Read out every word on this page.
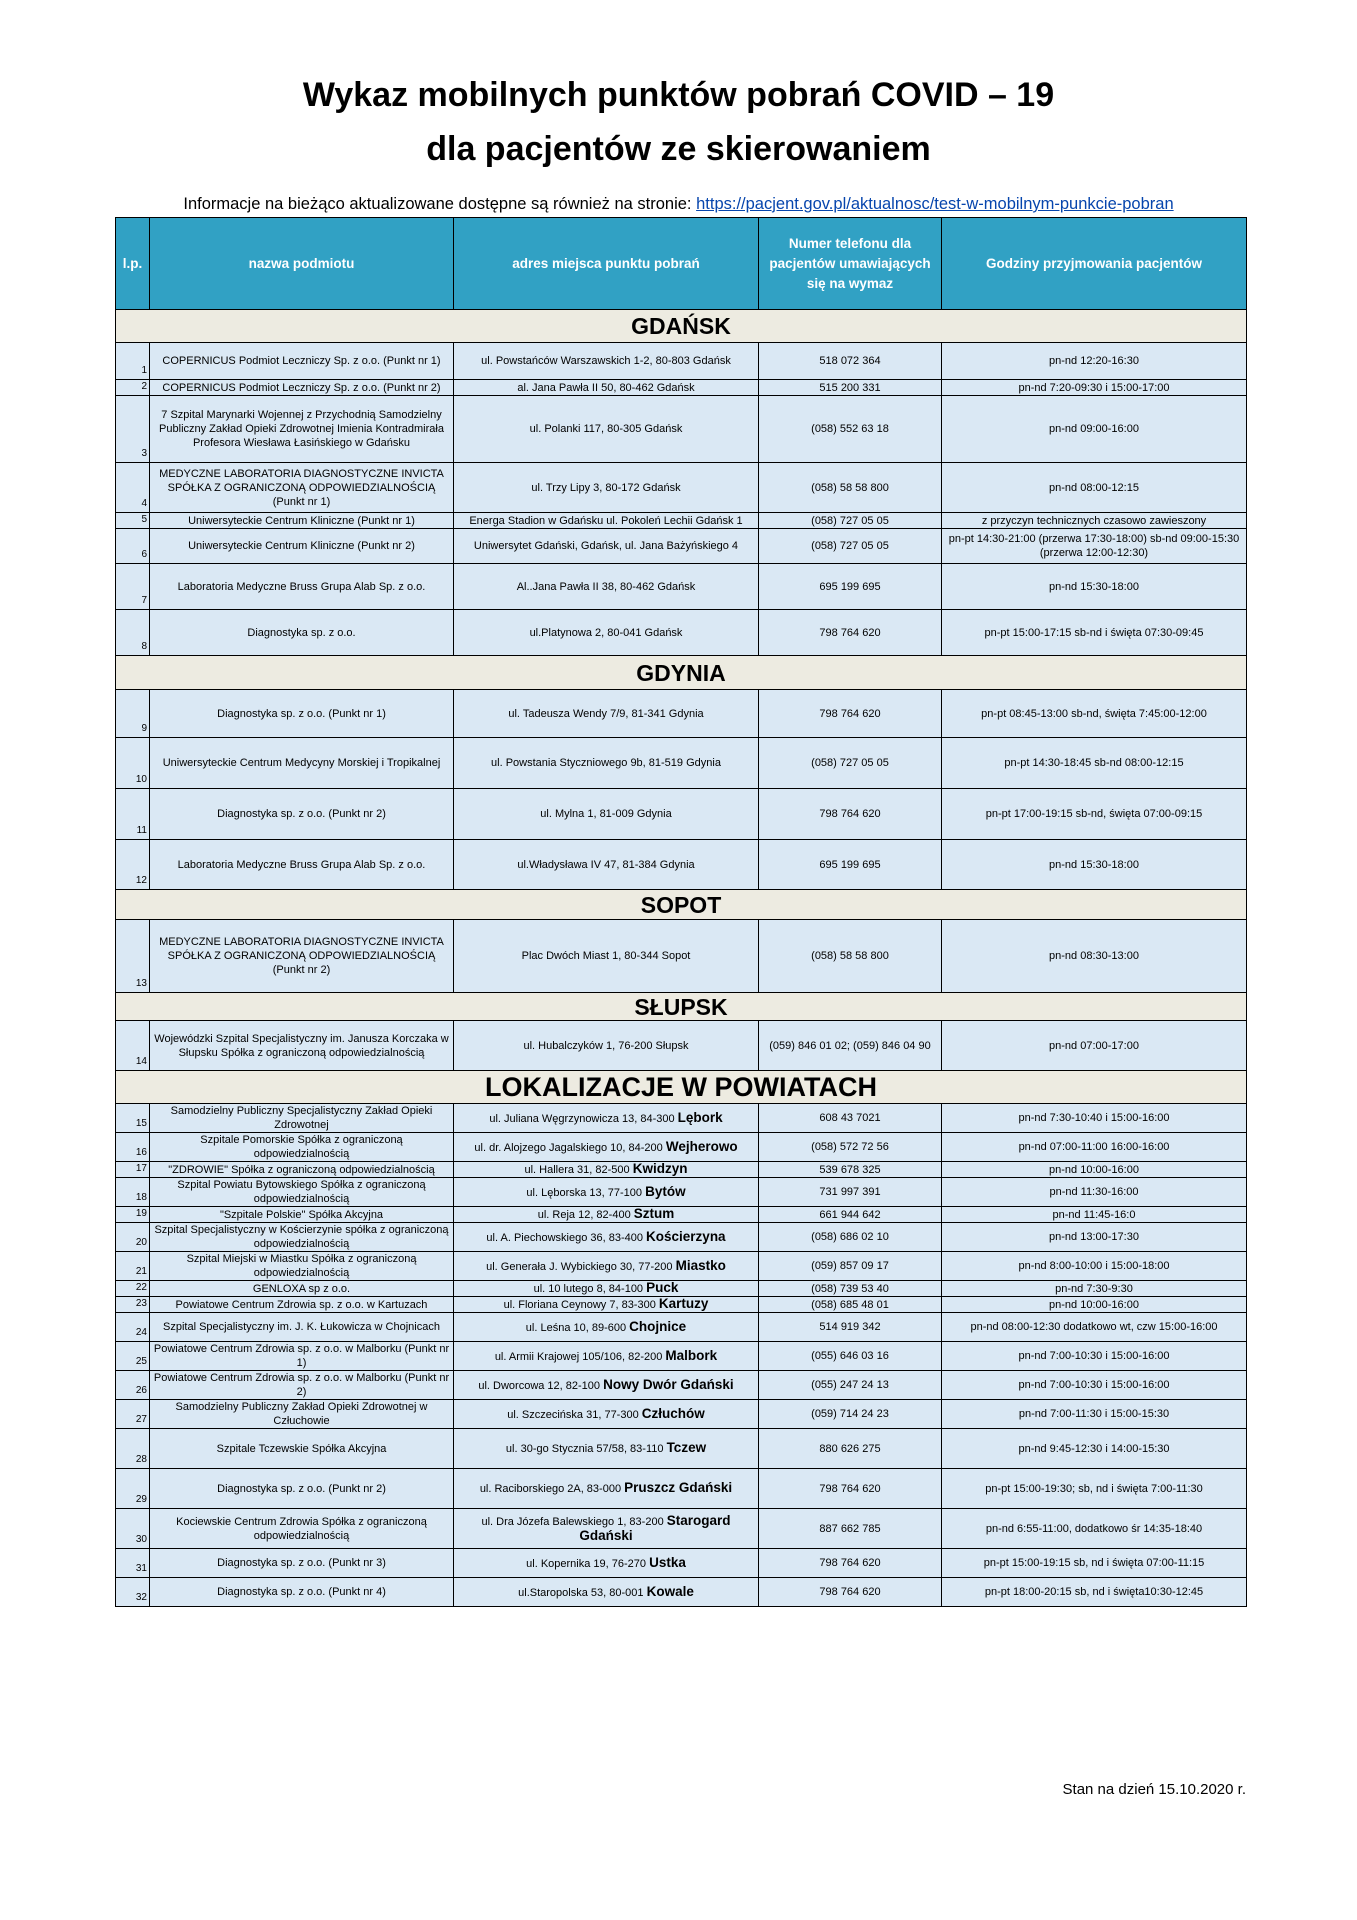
Wykaz mobilnych punktów pobrań COVID – 19
dla pacjentów ze skierowaniem
Informacje na bieżąco aktualizowane dostępne są również na stronie: https://pacjent.gov.pl/aktualnosc/test-w-mobilnym-punkcie-pobran
l.p.	nazwa podmiotu	adres miejsca punktu pobrań	Numer telefonu dla pacjentów umawiających się na wymaz	Godziny przyjmowania pacjentów
GDAŃSK				
1	COPERNICUS Podmiot Leczniczy Sp. z o.o. (Punkt nr 1)	ul. Powstańców Warszawskich 1-2, 80-803 Gdańsk	518 072 364	pn-nd 12:20-16:30
2	COPERNICUS Podmiot Leczniczy Sp. z o.o. (Punkt nr 2)	al. Jana Pawła II 50, 80-462 Gdańsk	515 200 331	pn-nd 7:20-09:30 i 15:00-17:00
3	7 Szpital Marynarki Wojennej z Przychodnią Samodzielny Publiczny Zakład Opieki Zdrowotnej Imienia Kontradmirała Profesora Wiesława Łasińskiego w Gdańsku	ul. Polanki 117, 80-305 Gdańsk	(058) 552 63 18	pn-nd 09:00-16:00
4	MEDYCZNE LABORATORIA DIAGNOSTYCZNE INVICTA SPÓŁKA Z OGRANICZONĄ ODPOWIEDZIALNOŚCIĄ (Punkt nr 1)	ul. Trzy Lipy 3, 80-172 Gdańsk	(058) 58 58 800	pn-nd 08:00-12:15
5	Uniwersyteckie Centrum Kliniczne (Punkt nr 1)	Energa Stadion w Gdańsku ul. Pokoleń Lechii Gdańsk 1	(058) 727 05 05	z przyczyn technicznych czasowo zawieszony
6	Uniwersyteckie Centrum Kliniczne (Punkt nr 2)	Uniwersytet Gdański, Gdańsk, ul. Jana Bażyńskiego 4	(058) 727 05 05	pn-pt 14:30-21:00 (przerwa 17:30-18:00) sb-nd 09:00-15:30 (przerwa 12:00-12:30)
7	Laboratoria Medyczne Bruss Grupa Alab Sp. z o.o.	Al..Jana Pawła II 38, 80-462 Gdańsk	695 199 695	pn-nd 15:30-18:00
8	Diagnostyka sp. z o.o.	ul.Platynowa 2, 80-041 Gdańsk	798 764 620	pn-pt 15:00-17:15 sb-nd i święta 07:30-09:45
GDYNIA				
9	Diagnostyka sp. z o.o. (Punkt nr 1)	ul. Tadeusza Wendy 7/9, 81-341 Gdynia	798 764 620	pn-pt 08:45-13:00 sb-nd, święta 7:45:00-12:00
10	Uniwersyteckie Centrum Medycyny Morskiej i Tropikalnej	ul. Powstania Styczniowego 9b, 81-519 Gdynia	(058) 727 05 05	pn-pt 14:30-18:45 sb-nd 08:00-12:15
11	Diagnostyka sp. z o.o. (Punkt nr 2)	ul. Mylna 1, 81-009 Gdynia	798 764 620	pn-pt 17:00-19:15 sb-nd, święta 07:00-09:15
12	Laboratoria Medyczne Bruss Grupa Alab Sp. z o.o.	ul.Władysława IV 47, 81-384 Gdynia	695 199 695	pn-nd 15:30-18:00
SOPOT				
13	MEDYCZNE LABORATORIA DIAGNOSTYCZNE INVICTA SPÓŁKA Z OGRANICZONĄ ODPOWIEDZIALNOŚCIĄ (Punkt nr 2)	Plac Dwóch Miast 1, 80-344 Sopot	(058) 58 58 800	pn-nd 08:30-13:00
SŁUPSK				
14	Wojewódzki Szpital Specjalistyczny im. Janusza Korczaka w Słupsku Spółka z ograniczoną odpowiedzialnością	ul. Hubalczyków 1, 76-200 Słupsk	(059) 846 01 02; (059) 846 04 90	pn-nd 07:00-17:00
LOKALIZACJE W POWIATACH				
15	Samodzielny Publiczny Specjalistyczny Zakład Opieki Zdrowotnej	ul. Juliana Węgrzynowicza 13, 84-300 Lębork	608 43 7021	pn-nd 7:30-10:40 i 15:00-16:00
16	Szpitale Pomorskie Spółka z ograniczoną odpowiedzialnością	ul. dr. Alojzego Jagalskiego 10, 84-200 Wejherowo	(058) 572 72 56	pn-nd 07:00-11:00 16:00-16:00
17	"ZDROWIE" Spółka z ograniczoną odpowiedzialnością	ul. Hallera 31, 82-500 Kwidzyn	539 678 325	pn-nd 10:00-16:00
18	Szpital Powiatu Bytowskiego Spółka z ograniczoną odpowiedzialnością	ul. Lęborska 13, 77-100 Bytów	731 997 391	pn-nd 11:30-16:00
19	"Szpitale Polskie" Spółka Akcyjna	ul. Reja 12, 82-400 Sztum	661 944 642	pn-nd 11:45-16:0
20	Szpital Specjalistyczny w Kościerzynie spółka z ograniczoną odpowiedzialnością	ul. A. Piechowskiego 36, 83-400 Kościerzyna	(058) 686 02 10	pn-nd 13:00-17:30
21	Szpital Miejski w Miastku Spółka z ograniczoną odpowiedzialnością	ul. Generała J. Wybickiego 30, 77-200 Miastko	(059) 857 09 17	pn-nd 8:00-10:00 i 15:00-18:00
22	GENLOXA sp z o.o.	ul. 10 lutego 8, 84-100 Puck	(058) 739 53 40	pn-nd 7:30-9:30
23	Powiatowe Centrum Zdrowia sp. z o.o. w Kartuzach	ul. Floriana Ceynowy 7, 83-300 Kartuzy	(058) 685 48 01	pn-nd 10:00-16:00
24	Szpital Specjalistyczny im. J. K. Łukowicza w Chojnicach	ul. Leśna 10, 89-600 Chojnice	514 919 342	pn-nd 08:00-12:30 dodatkowo wt, czw 15:00-16:00
25	Powiatowe Centrum Zdrowia sp. z o.o. w Malborku (Punkt nr 1)	ul. Armii Krajowej 105/106, 82-200 Malbork	(055) 646 03 16	pn-nd 7:00-10:30 i 15:00-16:00
26	Powiatowe Centrum Zdrowia sp. z o.o. w Malborku (Punkt nr 2)	ul. Dworcowa 12, 82-100 Nowy Dwór Gdański	(055) 247 24 13	pn-nd 7:00-10:30 i 15:00-16:00
27	Samodzielny Publiczny Zakład Opieki Zdrowotnej w Człuchowie	ul. Szczecińska 31, 77-300 Człuchów	(059) 714 24 23	pn-nd 7:00-11:30 i 15:00-15:30
28	Szpitale Tczewskie Spółka Akcyjna	ul. 30-go Stycznia 57/58, 83-110 Tczew	880 626 275	pn-nd 9:45-12:30 i 14:00-15:30
29	Diagnostyka sp. z o.o. (Punkt nr 2)	ul. Raciborskiego 2A, 83-000 Pruszcz Gdański	798 764 620	pn-pt 15:00-19:30; sb, nd i święta 7:00-11:30
30	Kociewskie Centrum Zdrowia Spółka z ograniczoną odpowiedzialnością	ul. Dra Józefa Balewskiego 1, 83-200 Starogard Gdański	887 662 785	pn-nd 6:55-11:00, dodatkowo śr 14:35-18:40
31	Diagnostyka sp. z o.o. (Punkt nr 3)	ul. Kopernika 19, 76-270 Ustka	798 764 620	pn-pt 15:00-19:15 sb, nd i święta 07:00-11:15
32	Diagnostyka sp. z o.o. (Punkt nr 4)	ul.Staropolska 53, 80-001 Kowale	798 764 620	pn-pt 18:00-20:15 sb, nd i święta10:30-12:45
Stan na dzień 15.10.2020 r.
